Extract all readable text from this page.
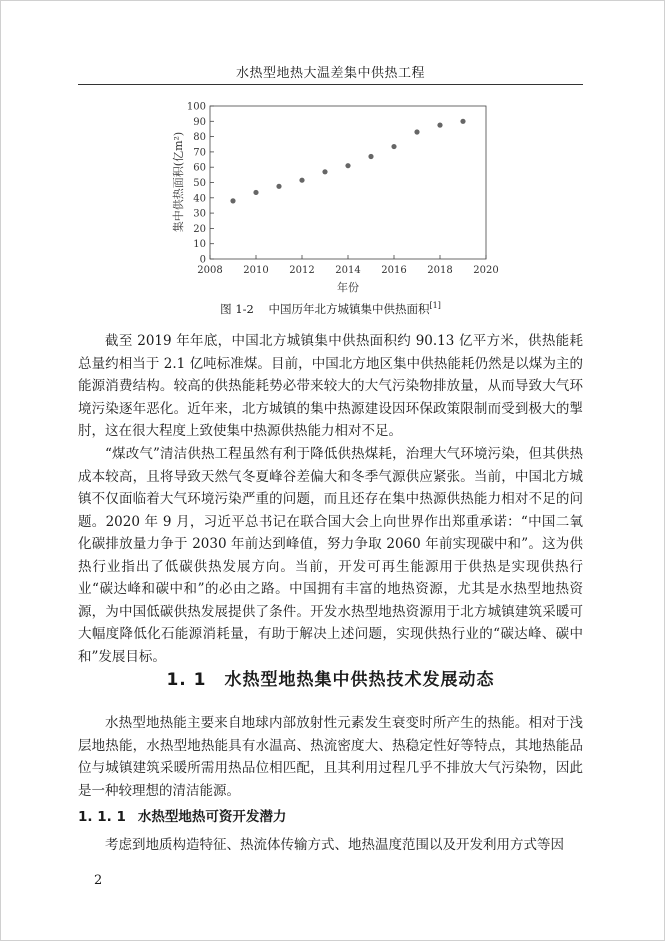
水热型地热大温差集中供热工程
0
10
20
30
40
50
60
70
80
90
100
2008 2010 2012 2014 2016 2018 2020
年份
集中供热面积(亿m²)
图 1-2 中国历年北方城镇集中供热面积[1]

截至 2019 年年底，中国北方城镇集中供热面积约 90.13 亿平方米，供热能耗总量约相当于 2.1 亿吨标准煤。目前，中国北方地区集中供热能耗仍然是以煤为主的能源消费结构。较高的供热能耗势必带来较大的大气污染物排放量，从而导致大气环境污染逐年恶化。近年来，北方城镇的集中热源建设因环保政策限制而受到极大的掣肘，这在很大程度上致使集中热源供热能力相对不足。

“煤改气”清洁供热工程虽然有利于降低供热煤耗，治理大气环境污染，但其供热成本较高，且将导致天然气冬夏峰谷差偏大和冬季气源供应紧张。当前，中国北方城镇不仅面临着大气环境污染严重的问题，而且还存在集中热源供热能力相对不足的问题。2020 年 9 月，习近平总书记在联合国大会上向世界作出郑重承诺：“中国二氧化碳排放量力争于 2030 年前达到峰值，努力争取 2060 年前实现碳中和”。这为供热行业指出了低碳供热发展方向。当前，开发可再生能源用于供热是实现供热行业“碳达峰和碳中和”的必由之路。中国拥有丰富的地热资源，尤其是水热型地热资源，为中国低碳供热发展提供了条件。开发水热型地热资源用于北方城镇建筑采暖可大幅度降低化石能源消耗量，有助于解决上述问题，实现供热行业的“碳达峰、碳中和”发展目标。

1. 1 水热型地热集中供热技术发展动态

水热型地热能主要来自地球内部放射性元素发生衰变时所产生的热能。相对于浅层地热能，水热型地热能具有水温高、热流密度大、热稳定性好等特点，其地热能品位与城镇建筑采暖所需用热品位相匹配，且其利用过程几乎不排放大气污染物，因此是一种较理想的清洁能源。

1. 1. 1 水热型地热可资开发潜力

考虑到地质构造特征、热流体传输方式、地热温度范围以及开发利用方式等因

2
